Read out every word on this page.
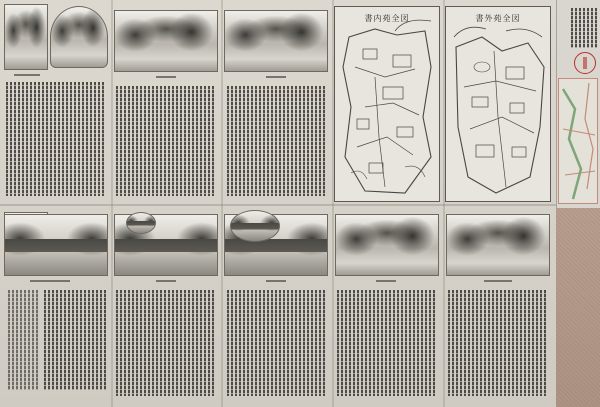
書内苑全図	書外苑全図
